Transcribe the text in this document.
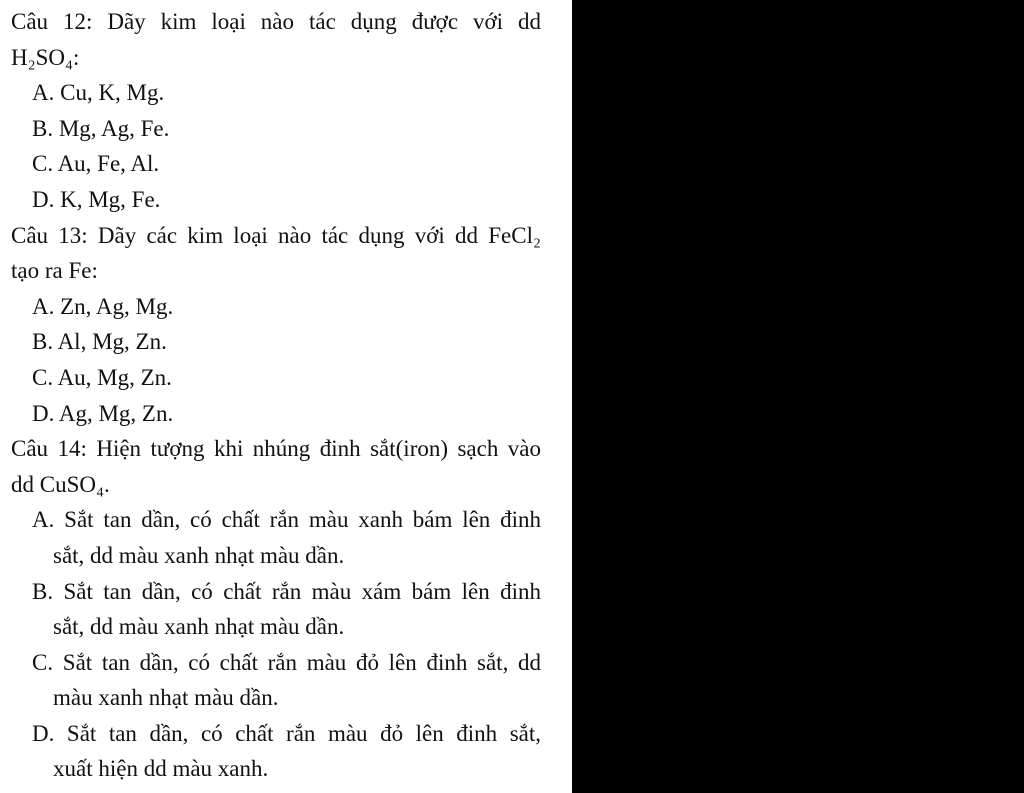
Câu 12: Dãy kim loại nào tác dụng được với dd
H₂SO₄:
A. Cu, K, Mg.
B. Mg, Ag, Fe.
C. Au, Fe, Al.
D. K, Mg, Fe.
Câu 13: Dãy các kim loại nào tác dụng với dd FeCl₂
tạo ra Fe:
A. Zn, Ag, Mg.
B. Al, Mg, Zn.
C. Au, Mg, Zn.
D. Ag, Mg, Zn.
Câu 14: Hiện tượng khi nhúng đinh sắt(iron) sạch vào
dd CuSO₄.
A. Sắt tan dần, có chất rắn màu xanh bám lên đinh
sắt, dd màu xanh nhạt màu dần.
B. Sắt tan dần, có chất rắn màu xám bám lên đinh
sắt, dd màu xanh nhạt màu dần.
C. Sắt tan dần, có chất rắn màu đỏ lên đinh sắt, dd
màu xanh nhạt màu dần.
D. Sắt tan dần, có chất rắn màu đỏ lên đinh sắt,
xuất hiện dd màu xanh.
